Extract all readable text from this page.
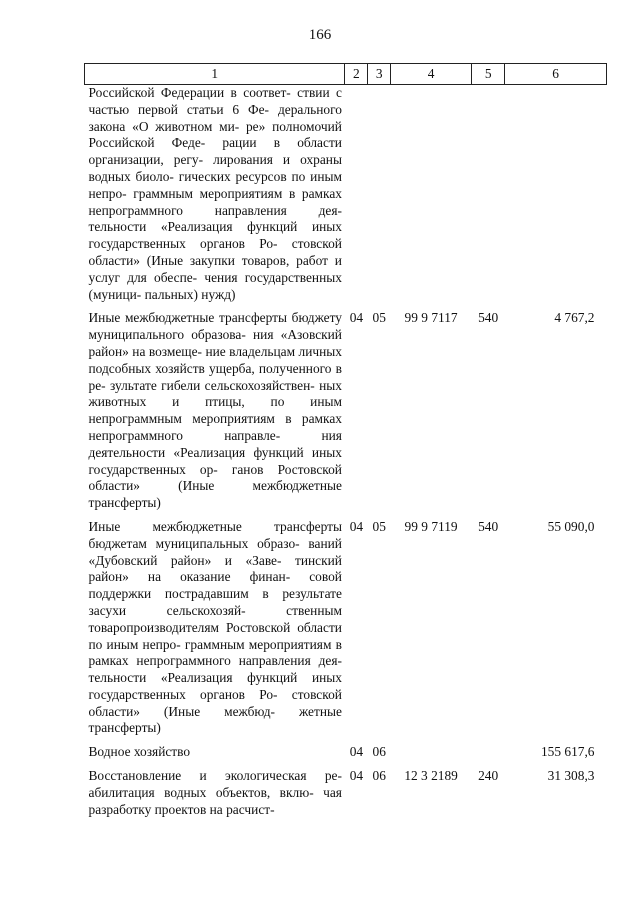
166
1	2	3	4	5	6
Российской Федерации в соответ- ствии с частью первой статьи 6 Фе- дерального закона «О животном ми- ре» полномочий Российской Феде- рации в области организации, регу- лирования и охраны водных биоло- гических ресурсов по иным непро- граммным мероприятиям в рамках непрограммного направления дея- тельности «Реализация функций иных государственных органов Ро- стовской области» (Иные закупки товаров, работ и услуг для обеспе- чения государственных (муници- пальных) нужд)					
Иные межбюджетные трансферты бюджету муниципального образова- ния «Азовский район» на возмеще- ние владельцам личных подсобных хозяйств ущерба, полученного в ре- зультате гибели сельскохозяйствен- ных животных и птицы, по иным непрограммным мероприятиям в рамках непрограммного направле- ния деятельности «Реализация функций иных государственных ор- ганов Ростовской области» (Иные межбюджетные трансферты)	04	05	99 9 7117	540	4 767,2
Иные межбюджетные трансферты бюджетам муниципальных образо- ваний «Дубовский район» и «Заве- тинский район» на оказание финан- совой поддержки пострадавшим в результате засухи сельскохозяй- ственным товаропроизводителям Ростовской области по иным непро- граммным мероприятиям в рамках непрограммного направления дея- тельности «Реализация функций иных государственных органов Ро- стовской области» (Иные межбюд- жетные трансферты)	04	05	99 9 7119	540	55 090,0
Водное хозяйство	04	06			155 617,6
Восстановление и экологическая ре- абилитация водных объектов, вклю- чая разработку проектов на расчист-	04	06	12 3 2189	240	31 308,3
